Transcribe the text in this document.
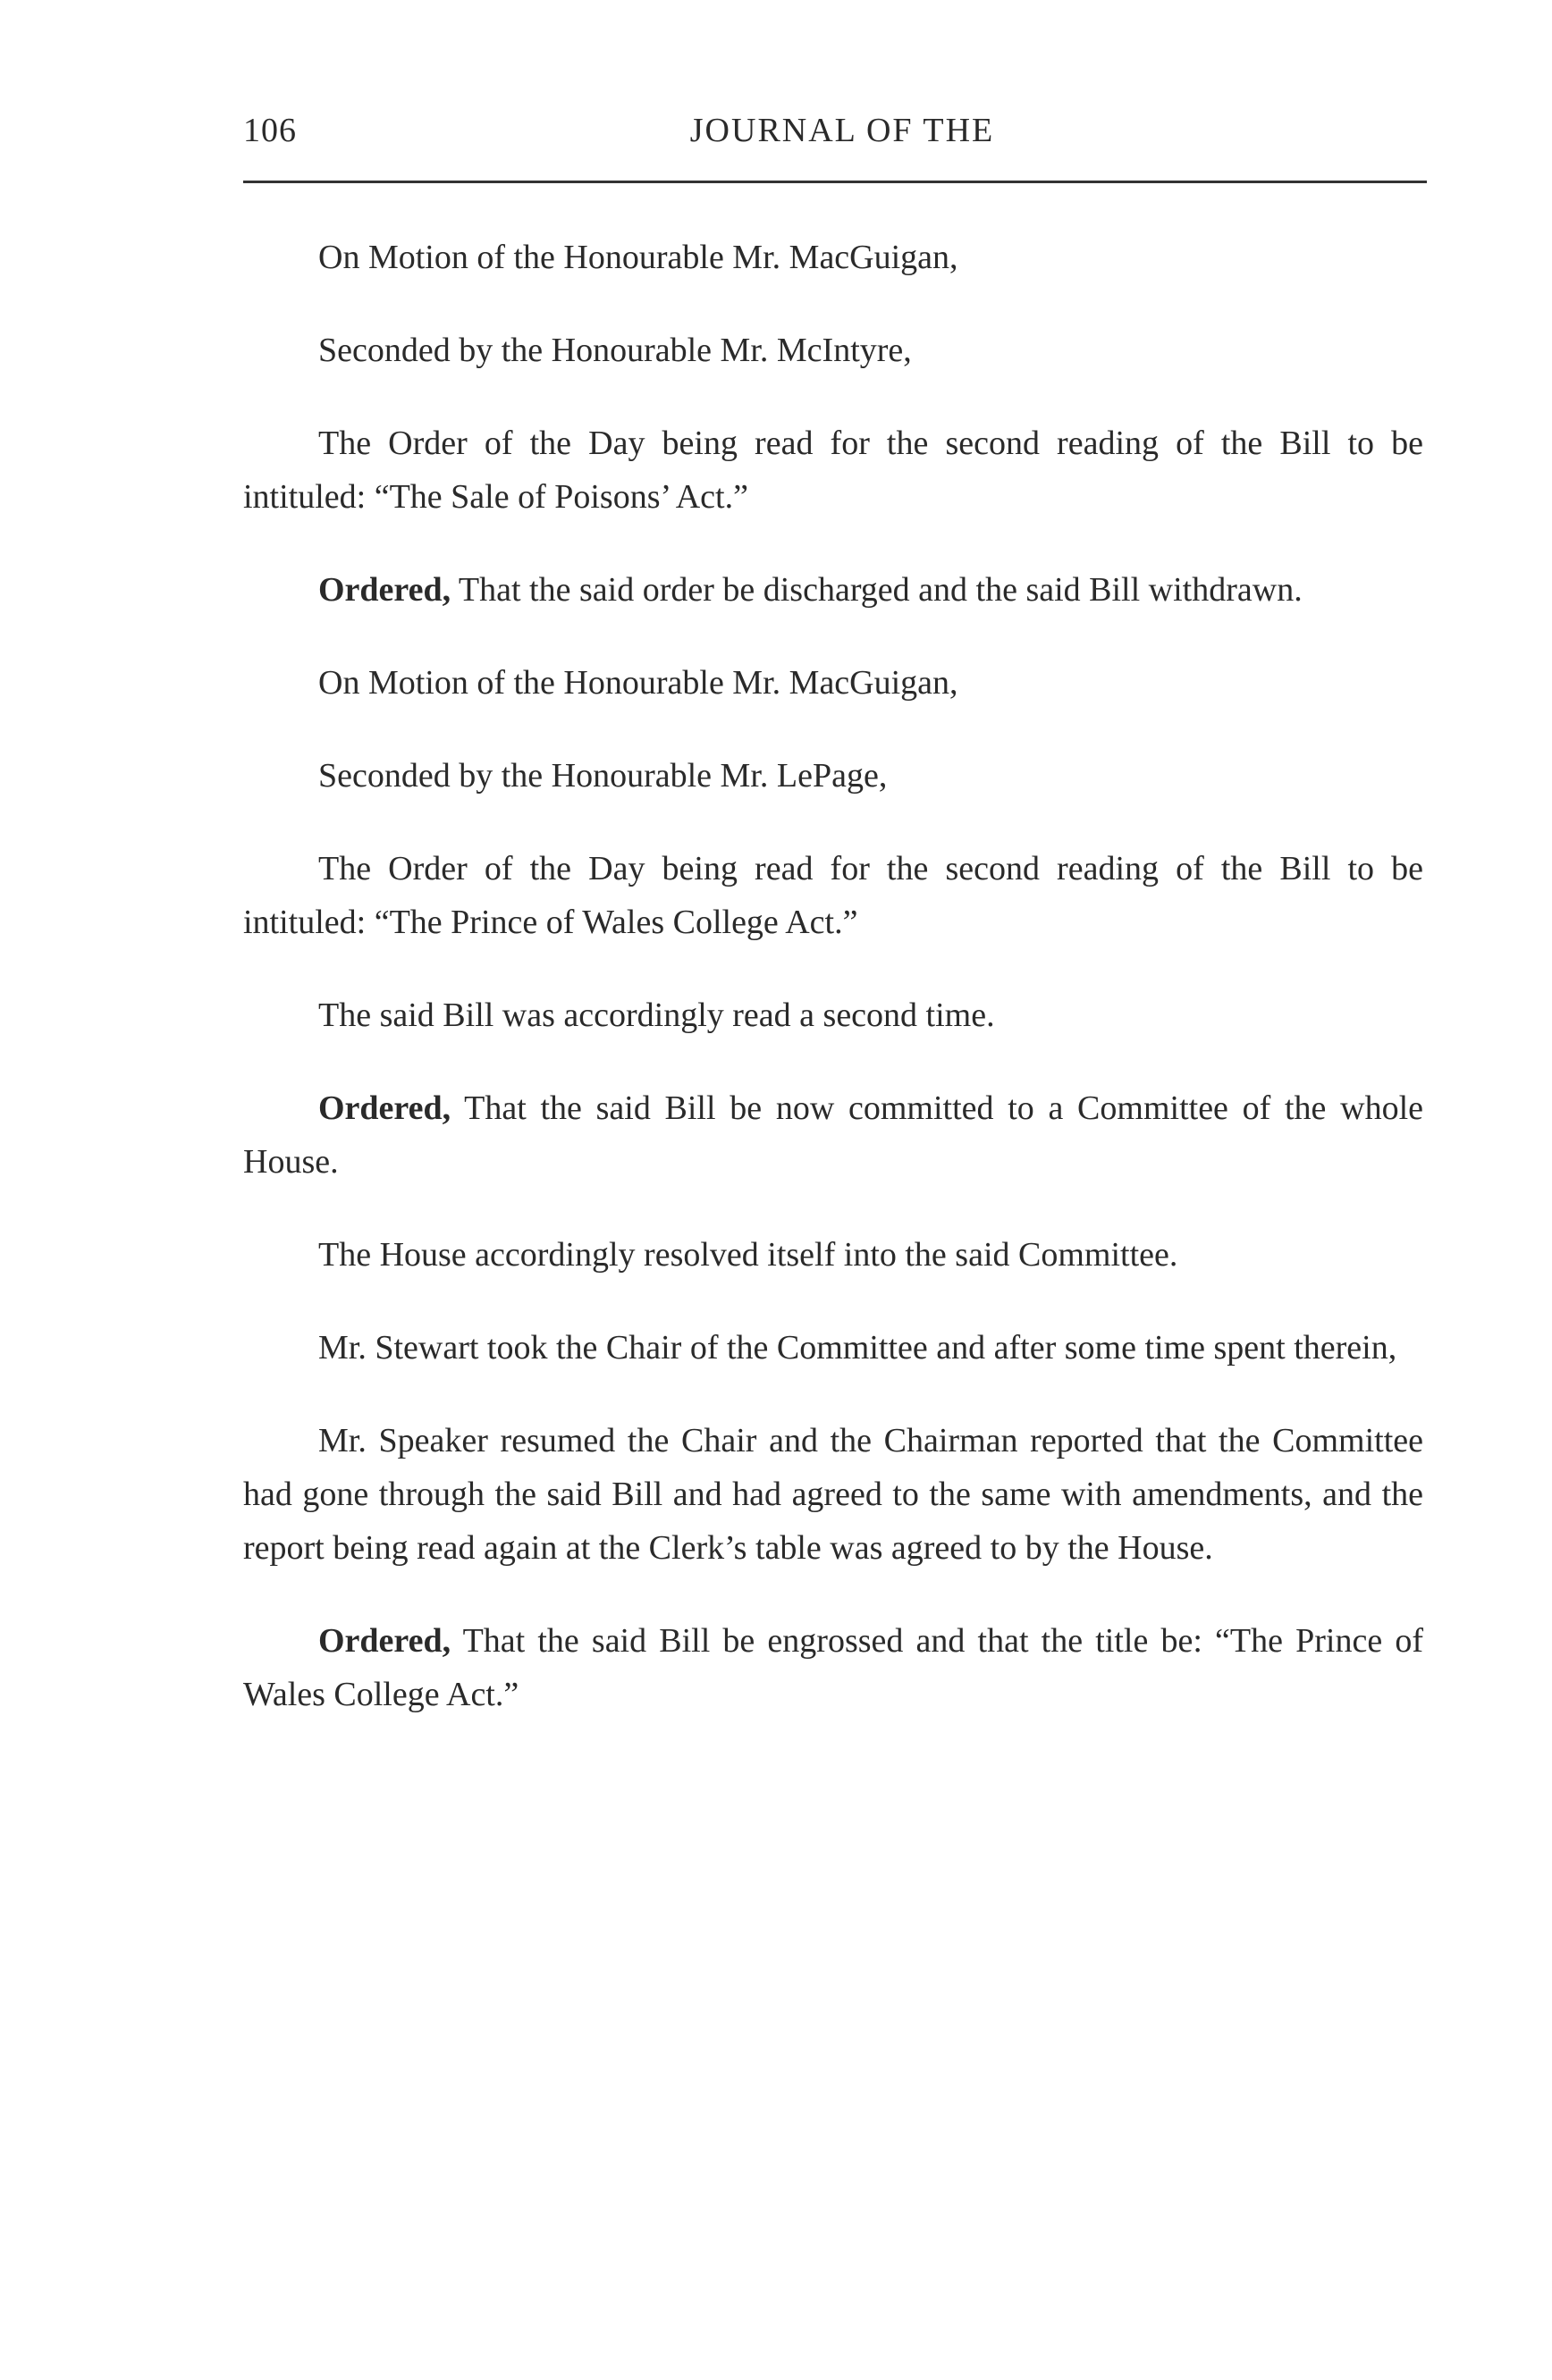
106	JOURNAL OF THE

On Motion of the Honourable Mr. MacGuigan,

Seconded by the Honourable Mr. McIntyre,

The Order of the Day being read for the second reading of the Bill to be intituled: “The Sale of Poisons’ Act.”

Ordered, That the said order be discharged and the said Bill withdrawn.

On Motion of the Honourable Mr. MacGuigan,

Seconded by the Honourable Mr. LePage,

The Order of the Day being read for the second reading of the Bill to be intituled: “The Prince of Wales College Act.”

The said Bill was accordingly read a second time.

Ordered, That the said Bill be now committed to a Committee of the whole House.

The House accordingly resolved itself into the said Committee.

Mr. Stewart took the Chair of the Committee and after some time spent therein,

Mr. Speaker resumed the Chair and the Chairman reported that the Committee had gone through the said Bill and had agreed to the same with amendments, and the report being read again at the Clerk’s table was agreed to by the House.

Ordered, That the said Bill be engrossed and that the title be: “The Prince of Wales College Act.”
